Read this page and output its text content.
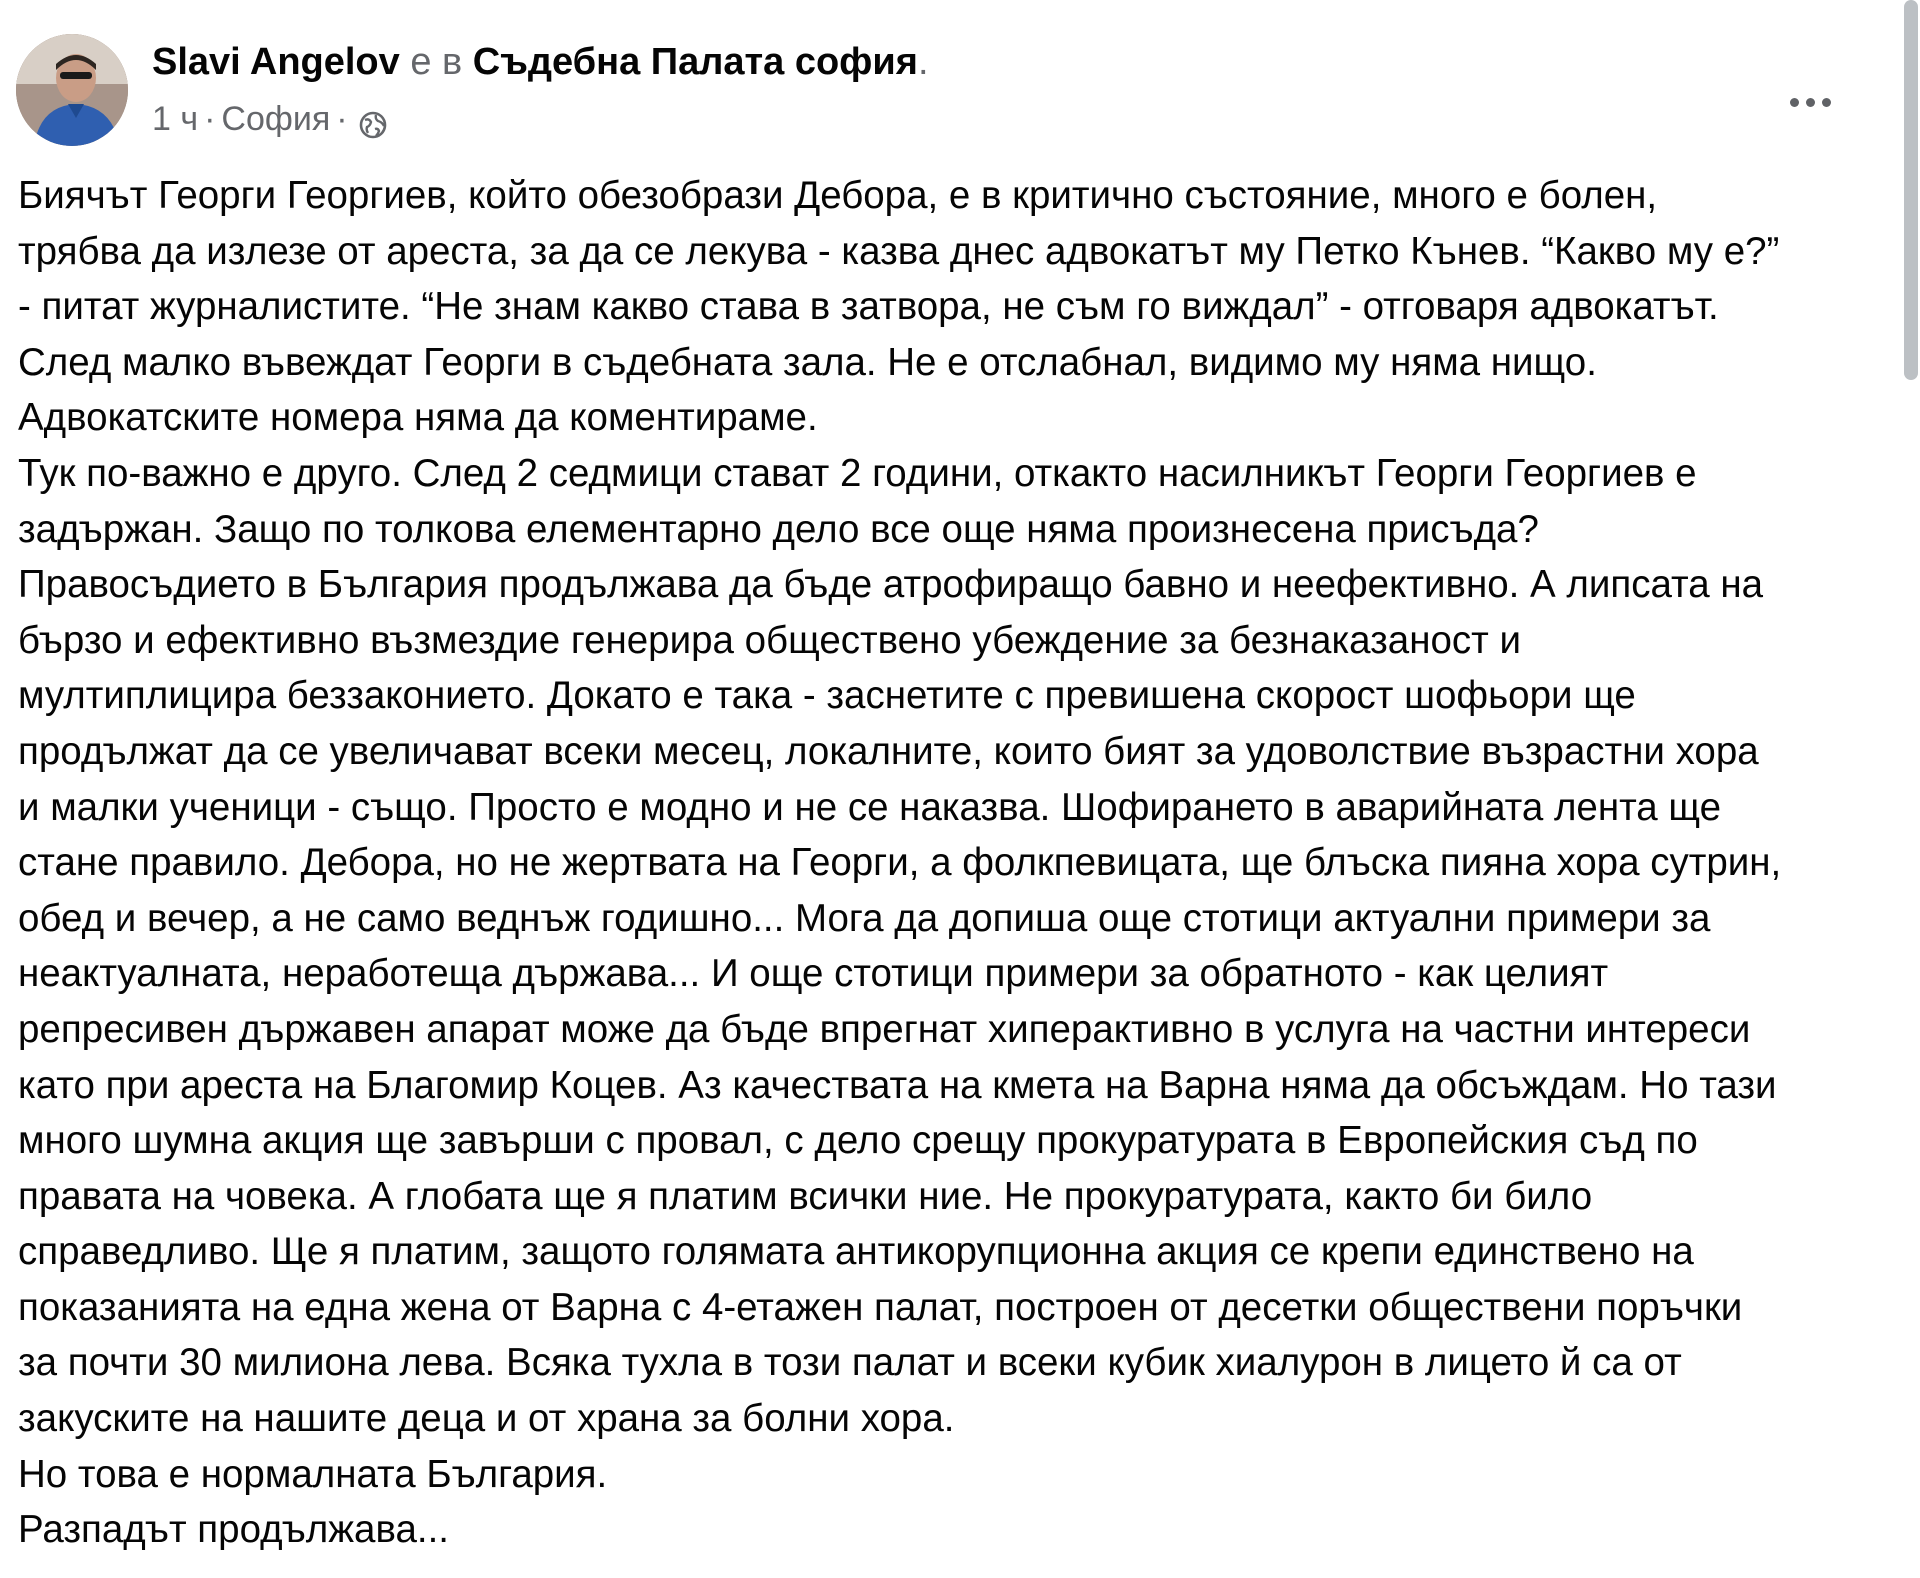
Slavi Angelov е в Съдебна Палата софия.
1 ч · София ·

Биячът Георги Георгиев, който обезобрази Дебора, е в критично състояние, много е болен,

трябва да излезе от ареста, за да се лекува - казва днес адвокатът му Петко Кънев. “Какво му е?”

- питат журналистите. “Не знам какво става в затвора, не съм го виждал” - отговаря адвокатът.

След малко въвеждат Георги в съдебната зала. Не е отслабнал, видимо му няма нищо.

Адвокатските номера няма да коментираме.

Тук по-важно е друго. След 2 седмици стават 2 години, откакто насилникът Георги Георгиев е

задържан. Защо по толкова елементарно дело все още няма произнесена присъда?

Правосъдието в България продължава да бъде атрофиращо бавно и неефективно. А липсата на

бързо и ефективно възмездие генерира обществено убеждение за безнаказаност и

мултиплицира беззаконието. Докато е така - заснетите с превишена скорост шофьори ще

продължат да се увеличават всеки месец, локалните, които бият за удоволствие възрастни хора

и малки ученици - също. Просто е модно и не се наказва. Шофирането в аварийната лента ще

стане правило. Дебора, но не жертвата на Георги, а фолкпевицата, ще блъска пияна хора сутрин,

обед и вечер, а не само веднъж годишно... Мога да допиша още стотици актуални примери за

неактуалната, неработеща държава... И още стотици примери за обратното - как целият

репресивен държавен апарат може да бъде впрегнат хиперактивно в услуга на частни интереси

като при ареста на Благомир Коцев. Аз качествата на кмета на Варна няма да обсъждам. Но тази

много шумна акция ще завърши с провал, с дело срещу прокуратурата в Европейския съд по

правата на човека. А глобата ще я платим всички ние. Не прокуратурата, както би било

справедливо. Ще я платим, защото голямата антикорупционна акция се крепи единствено на

показанията на една жена от Варна с 4-етажен палат, построен от десетки обществени поръчки

за почти 30 милиона лева. Всяка тухла в този палат и всеки кубик хиалурон в лицето й са от

закуските на нашите деца и от храна за болни хора.

Но това е нормалната България.

Разпадът продължава...
